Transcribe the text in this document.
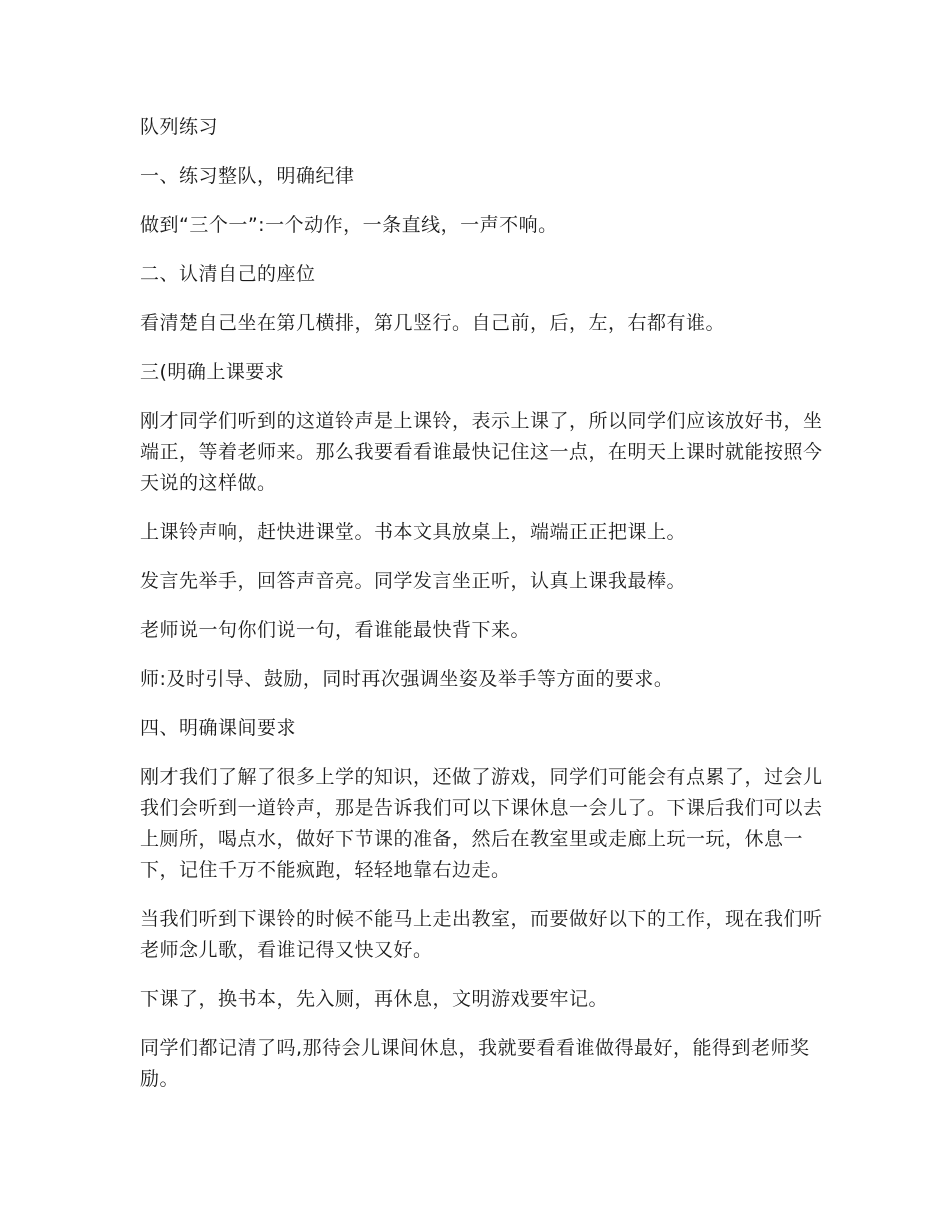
队列练习

一、练习整队，明确纪律

做到“三个一”:一个动作，一条直线，一声不响。

二、认清自己的座位

看清楚自己坐在第几横排，第几竖行。自己前，后，左，右都有谁。

三(明确上课要求

刚才同学们听到的这道铃声是上课铃，表示上课了，所以同学们应该放好书，坐端正，等着老师来。那么我要看看谁最快记住这一点，在明天上课时就能按照今天说的这样做。

上课铃声响，赶快进课堂。书本文具放桌上，端端正正把课上。

发言先举手，回答声音亮。同学发言坐正听，认真上课我最棒。

老师说一句你们说一句，看谁能最快背下来。

师:及时引导、鼓励，同时再次强调坐姿及举手等方面的要求。

四、明确课间要求

刚才我们了解了很多上学的知识，还做了游戏，同学们可能会有点累了，过会儿我们会听到一道铃声，那是告诉我们可以下课休息一会儿了。下课后我们可以去上厕所，喝点水，做好下节课的准备，然后在教室里或走廊上玩一玩，休息一下，记住千万不能疯跑，轻轻地靠右边走。

当我们听到下课铃的时候不能马上走出教室，而要做好以下的工作，现在我们听老师念儿歌，看谁记得又快又好。

下课了，换书本，先入厕，再休息，文明游戏要牢记。

同学们都记清了吗,那待会儿课间休息，我就要看看谁做得最好，能得到老师奖励。
